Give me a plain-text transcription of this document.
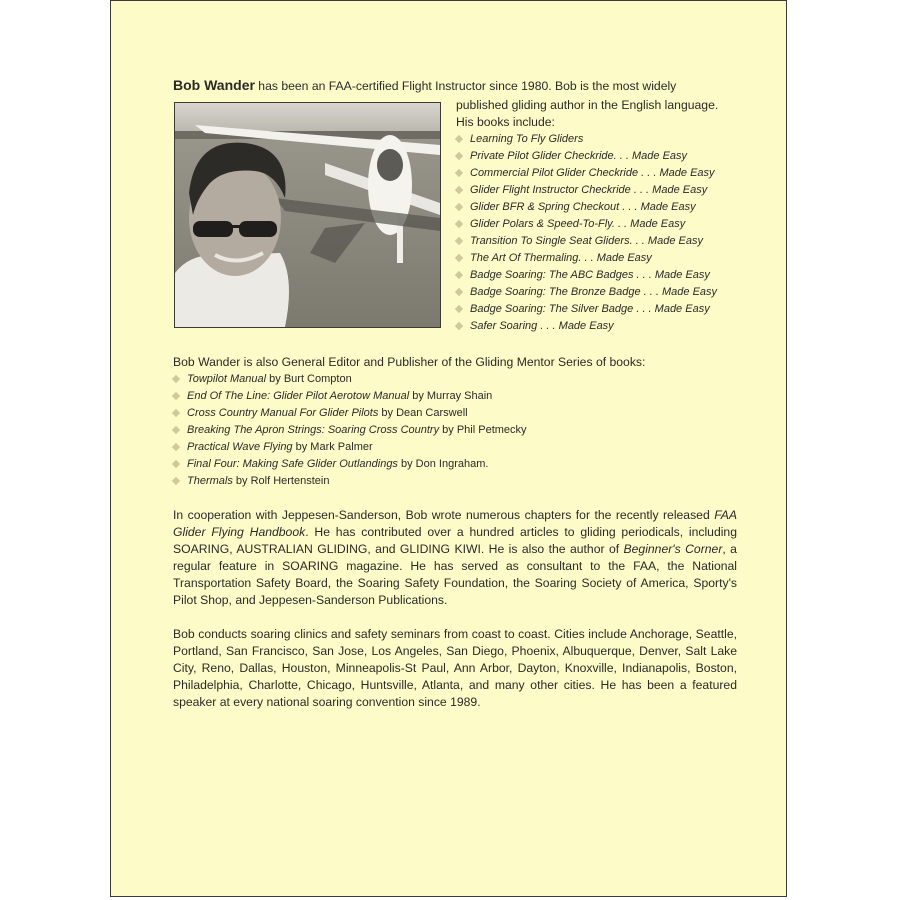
Bob Wander has been an FAA-certified Flight Instructor since 1980. Bob is the most widely
published gliding author in the English language.
His books include:
Learning To Fly Gliders
Private Pilot Glider Checkride. . . Made Easy
Commercial Pilot Glider Checkride . . . Made Easy
Glider Flight Instructor Checkride . . . Made Easy
Glider BFR & Spring Checkout . . . Made Easy
Glider Polars & Speed-To-Fly. . . Made Easy
Transition To Single Seat Gliders. . . Made Easy
The Art Of Thermaling. . . Made Easy
Badge Soaring: The ABC Badges . . . Made Easy
Badge Soaring: The Bronze Badge . . . Made Easy
Badge Soaring: The Silver Badge . . . Made Easy
Safer Soaring . . . Made Easy
Bob Wander is also General Editor and Publisher of the Gliding Mentor Series of books:
Towpilot Manual by Burt Compton
End Of The Line: Glider Pilot Aerotow Manual by Murray Shain
Cross Country Manual For Glider Pilots by Dean Carswell
Breaking The Apron Strings: Soaring Cross Country by Phil Petmecky
Practical Wave Flying by Mark Palmer
Final Four: Making Safe Glider Outlandings by Don Ingraham.
Thermals by Rolf Hertenstein

In cooperation with Jeppesen-Sanderson, Bob wrote numerous chapters for the recently released FAA Glider Flying Handbook. He has contributed over a hundred articles to gliding periodicals, including SOARING, AUSTRALIAN GLIDING, and GLIDING KIWI. He is also the author of Beginner's Corner, a regular feature in SOARING magazine. He has served as consultant to the FAA, the National Transportation Safety Board, the Soaring Safety Foundation, the Soaring Society of America, Sporty's Pilot Shop, and Jeppesen-Sanderson Publications.

Bob conducts soaring clinics and safety seminars from coast to coast. Cities include Anchorage, Seattle, Portland, San Francisco, San Jose, Los Angeles, San Diego, Phoenix, Albuquerque, Denver, Salt Lake City, Reno, Dallas, Houston, Minneapolis-St Paul, Ann Arbor, Dayton, Knoxville, Indianapolis, Boston, Philadelphia, Charlotte, Chicago, Huntsville, Atlanta, and many other cities. He has been a featured speaker at every national soaring convention since 1989.
